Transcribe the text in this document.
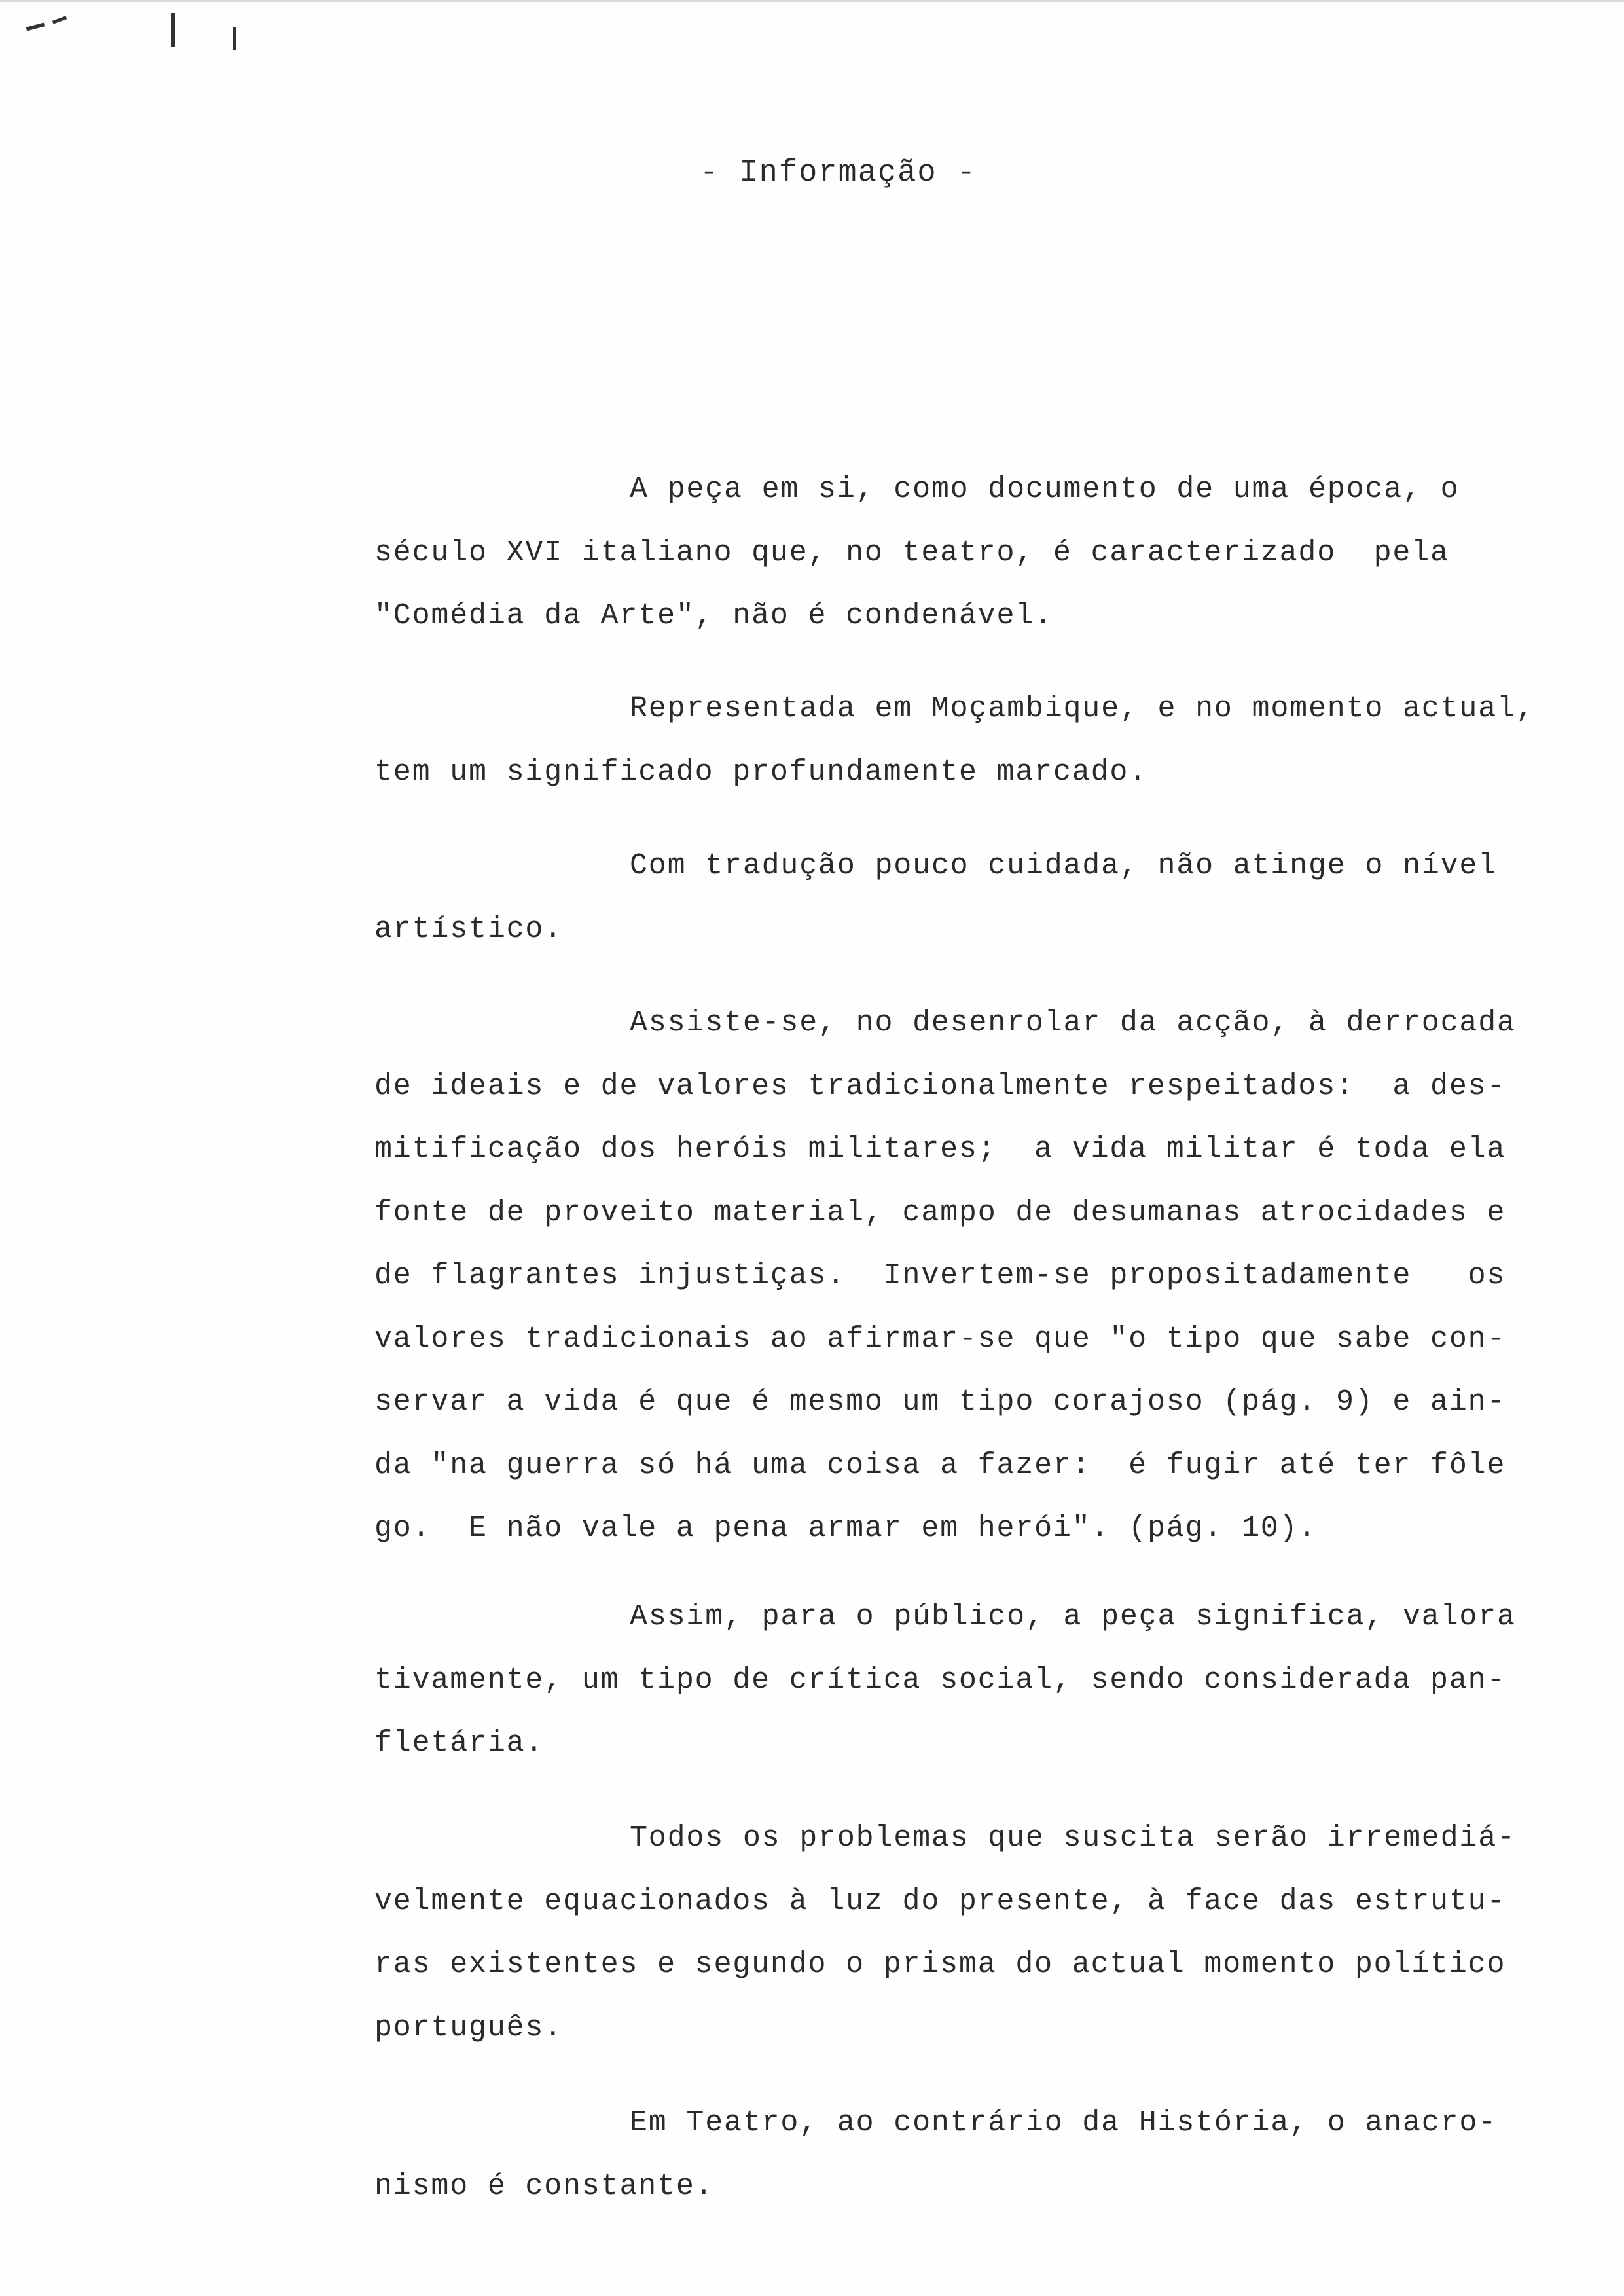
- Informação -
A peça em si, como documento de uma época, o
século XVI italiano que, no teatro, é caracterizado  pela
"Comédia da Arte", não é condenável.
Representada em Moçambique, e no momento actual,
tem um significado profundamente marcado.
Com tradução pouco cuidada, não atinge o nível
artístico.
Assiste-se, no desenrolar da acção, à derrocada
de ideais e de valores tradicionalmente respeitados:  a des-
mitificação dos heróis militares;  a vida militar é toda ela
fonte de proveito material, campo de desumanas atrocidades e
de flagrantes injustiças.  Invertem-se propositadamente   os
valores tradicionais ao afirmar-se que "o tipo que sabe con-
servar a vida é que é mesmo um tipo corajoso (pág. 9) e ain-
da "na guerra só há uma coisa a fazer:  é fugir até ter fôlе
go.  E não vale a pena armar em herói". (pág. 10).
Assim, para o público, a peça significa, valora
tivamente, um tipo de crítica social, sendo considerada pan-
fletária.
Todos os problemas que suscita serão irremediá-
velmente equacionados à luz do presente, à face das estrutu-
ras existentes e segundo o prisma do actual momento político
português.
Em Teatro, ao contrário da História, o anacro-
nismo é constante.
